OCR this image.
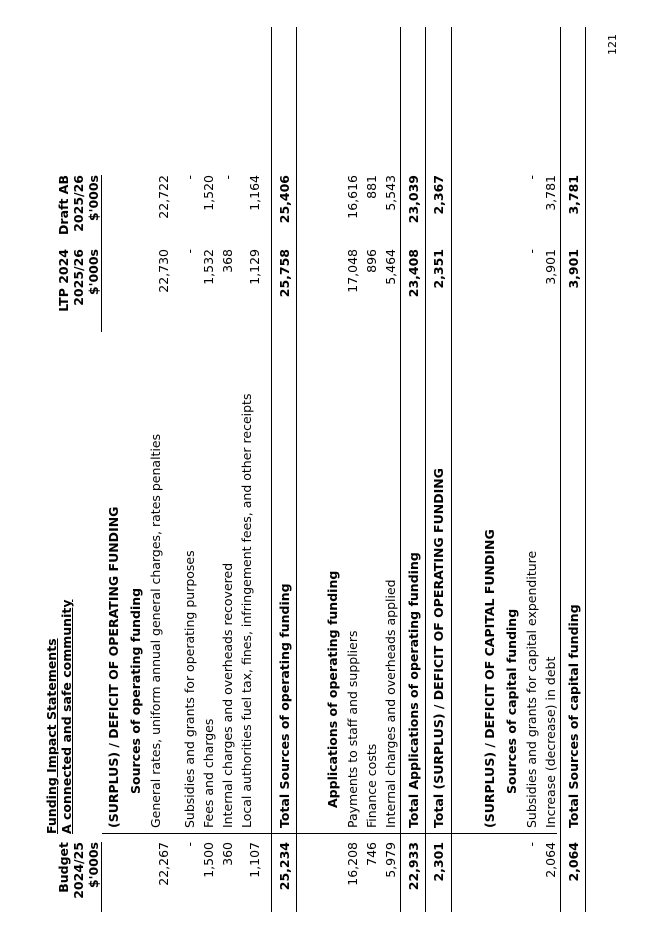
121
Budget 2024/25 $'000s
Funding Impact Statements A connected and safe community
LTP 2024 2025/26 $'000s
Draft AB 2025/26 $'000s
(SURPLUS) / DEFICIT OF OPERATING FUNDING Sources of operating funding
22,267
General rates, uniform annual general charges, rates penalties
22,730
22,722
-
Subsidies and grants for operating purposes
-
-
1,500
Fees and charges
1,532
1,520
360
Internal charges and overheads recovered
368
-
1,107
Local authorities fuel tax, fines, infringement fees, and other receipts
1,129
1,164
25,234
Total Sources of operating funding
25,758
25,406
Applications of operating funding
16,208
Payments to staff and suppliers
17,048
16,616
746
Finance costs
896
881
5,979
Internal charges and overheads applied
5,464
5,543
22,933
Total Applications of operating funding
23,408
23,039
2,301
Total (SURPLUS) / DEFICIT OF OPERATING FUNDING
2,351
2,367
(SURPLUS) / DEFICIT OF CAPITAL FUNDING Sources of capital funding
-
Subsidies and grants for capital expenditure
-
-
2,064
Increase (decrease) in debt
3,901
3,781
2,064
Total Sources of capital funding
3,901
3,781
